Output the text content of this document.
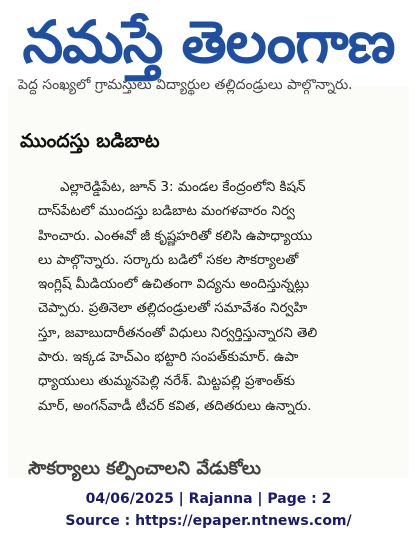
నమస్తే తెలంగాణ
పెద్ద సంఖ్యలో గ్రామస్తులు విద్యార్థుల తల్లిదండ్రులు పాల్గొన్నారు.
ముందస్తు బడిబాట
ఎల్లారెడ్డిపేట, జూన్ 3: మండల కేంద్రంలోని కిషన్
దాస్‌పేటలో ముందస్తు బడిబాట మంగళవారం నిర్వ
హించారు. ఎంఈవో జీ కృష్ణహరితో కలిసి ఉపాధ్యాయు
లు పాల్గొన్నారు. సర్కారు బడిలో సకల సౌకర్యాలతో
ఇంగ్లిష్ మీడియంలో ఉచితంగా విద్యను అందిస్తున్నట్లు
చెప్పారు. ప్రతినెలా తల్లిదండ్రులతో సమావేశం నిర్వహి
స్తూ, జవాబుదారీతనంతో విధులు నిర్వర్తిస్తున్నారని తెలి
పారు. ఇక్కడ హెచ్‌ఎం భట్టారి సంపత్‌కుమార్. ఉపా
ధ్యాయులు తుమ్మనపెల్లి నరేశ్. మిట్టపల్లి ప్రశాంత్‌కు
మార్, అంగన్‌వాడీ టీచర్ కవిత, తదితరులు ఉన్నారు.
సౌకర్యాలు కల్పించాలని వేడుకోలు
04/06/2025 | Rajanna | Page : 2
Source : https://epaper.ntnews.com/
